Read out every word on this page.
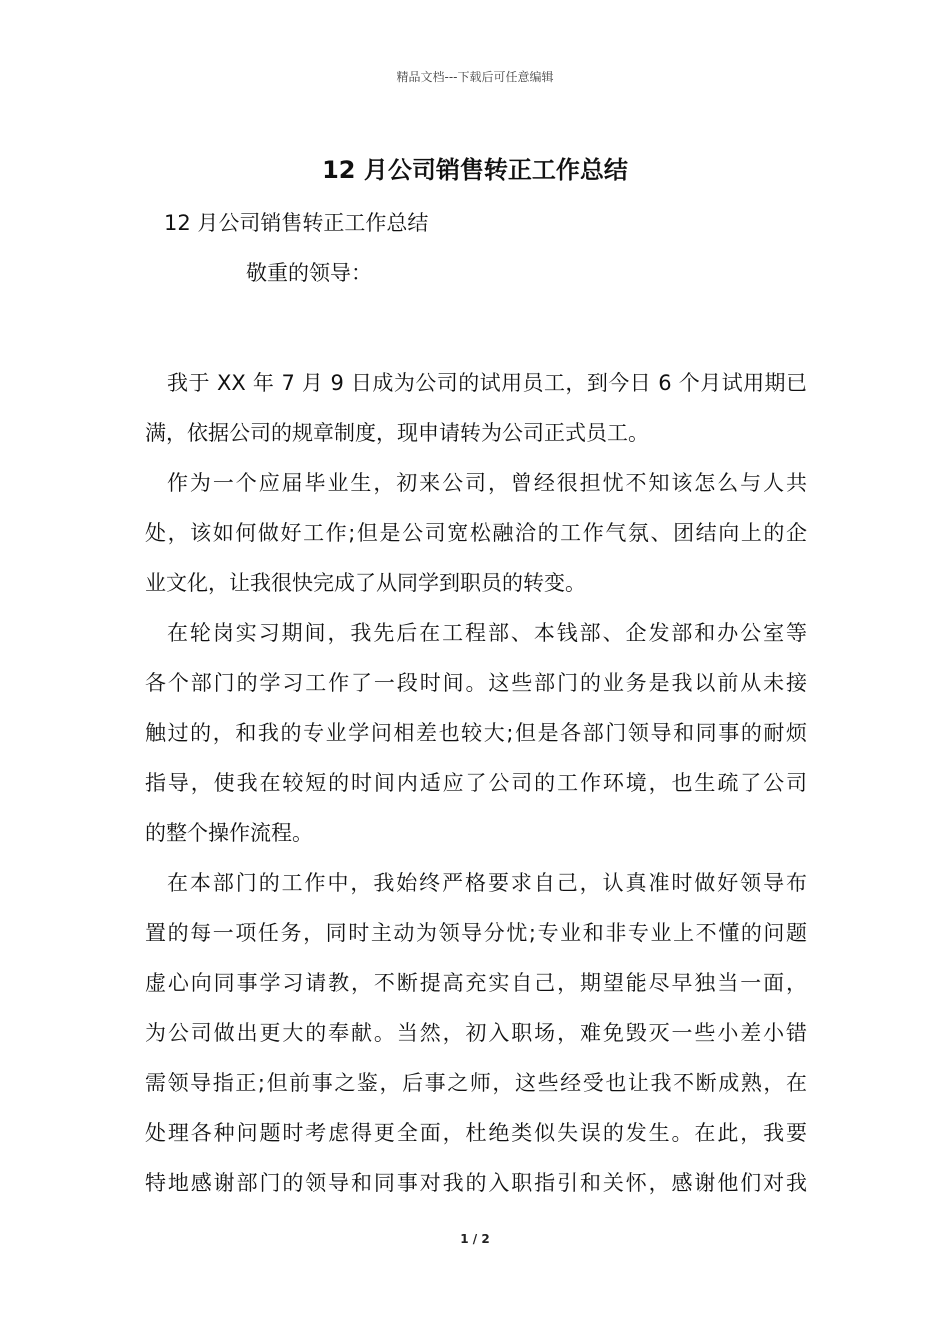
精品文档---下载后可任意编辑
12 月公司销售转正工作总结
12 月公司销售转正工作总结
敬重的领导：
我于 XX 年 7 月 9 日成为公司的试用员工，到今日 6 个月试用期已
满，依据公司的规章制度，现申请转为公司正式员工。
作为一个应届毕业生，初来公司，曾经很担忧不知该怎么与人共
处，该如何做好工作;但是公司宽松融洽的工作气氛、团结向上的企
业文化，让我很快完成了从同学到职员的转变。
在轮岗实习期间，我先后在工程部、本钱部、企发部和办公室等
各个部门的学习工作了一段时间。这些部门的业务是我以前从未接
触过的，和我的专业学问相差也较大;但是各部门领导和同事的耐烦
指导，使我在较短的时间内适应了公司的工作环境，也生疏了公司
的整个操作流程。
在本部门的工作中，我始终严格要求自己，认真准时做好领导布
置的每一项任务，同时主动为领导分忧;专业和非专业上不懂的问题
虚心向同事学习请教，不断提高充实自己，期望能尽早独当一面，
为公司做出更大的奉献。当然，初入职场，难免毁灭一些小差小错
需领导指正;但前事之鉴，后事之师，这些经受也让我不断成熟，在
处理各种问题时考虑得更全面，杜绝类似失误的发生。在此，我要
特地感谢部门的领导和同事对我的入职指引和关怀，感谢他们对我
1 / 2
